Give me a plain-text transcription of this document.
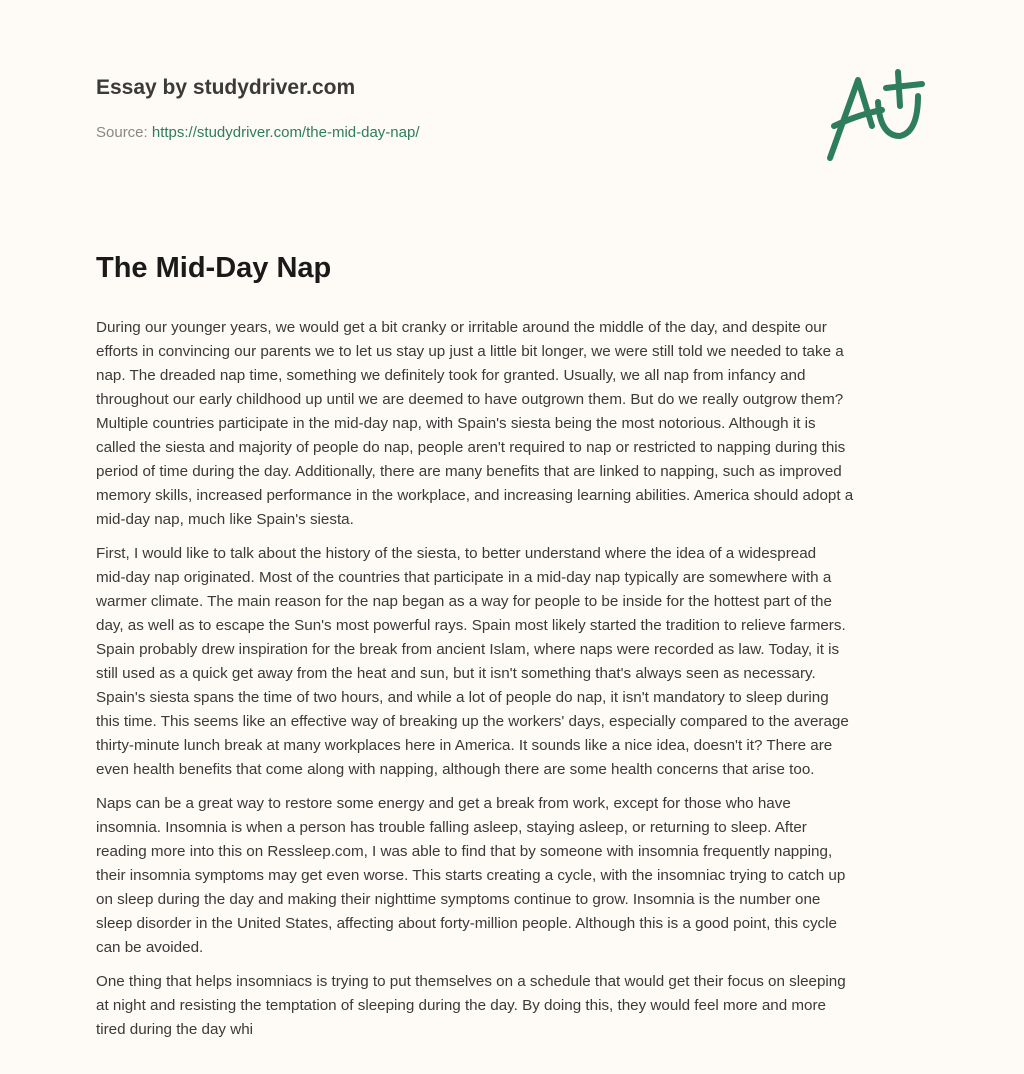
Essay by studydriver.com
Source: https://studydriver.com/the-mid-day-nap/
The Mid-Day Nap

During our younger years, we would get a bit cranky or irritable around the middle of the day, and despite our
efforts in convincing our parents we to let us stay up just a little bit longer, we were still told we needed to take a
nap. The dreaded nap time, something we definitely took for granted. Usually, we all nap from infancy and
throughout our early childhood up until we are deemed to have outgrown them. But do we really outgrow them?
Multiple countries participate in the mid-day nap, with Spain's siesta being the most notorious. Although it is
called the siesta and majority of people do nap, people aren't required to nap or restricted to napping during this
period of time during the day. Additionally, there are many benefits that are linked to napping, such as improved
memory skills, increased performance in the workplace, and increasing learning abilities. America should adopt a
mid-day nap, much like Spain's siesta.

First, I would like to talk about the history of the siesta, to better understand where the idea of a widespread
mid-day nap originated. Most of the countries that participate in a mid-day nap typically are somewhere with a
warmer climate. The main reason for the nap began as a way for people to be inside for the hottest part of the
day, as well as to escape the Sun's most powerful rays. Spain most likely started the tradition to relieve farmers.
Spain probably drew inspiration for the break from ancient Islam, where naps were recorded as law. Today, it is
still used as a quick get away from the heat and sun, but it isn't something that's always seen as necessary.
Spain's siesta spans the time of two hours, and while a lot of people do nap, it isn't mandatory to sleep during
this time. This seems like an effective way of breaking up the workers' days, especially compared to the average
thirty-minute lunch break at many workplaces here in America. It sounds like a nice idea, doesn't it? There are
even health benefits that come along with napping, although there are some health concerns that arise too.

Naps can be a great way to restore some energy and get a break from work, except for those who have
insomnia. Insomnia is when a person has trouble falling asleep, staying asleep, or returning to sleep. After
reading more into this on Ressleep.com, I was able to find that by someone with insomnia frequently napping,
their insomnia symptoms may get even worse. This starts creating a cycle, with the insomniac trying to catch up
on sleep during the day and making their nighttime symptoms continue to grow. Insomnia is the number one
sleep disorder in the United States, affecting about forty-million people. Although this is a good point, this cycle
can be avoided.

One thing that helps insomniacs is trying to put themselves on a schedule that would get their focus on sleeping
at night and resisting the temptation of sleeping during the day. By doing this, they would feel more and more
tired during the day whi
